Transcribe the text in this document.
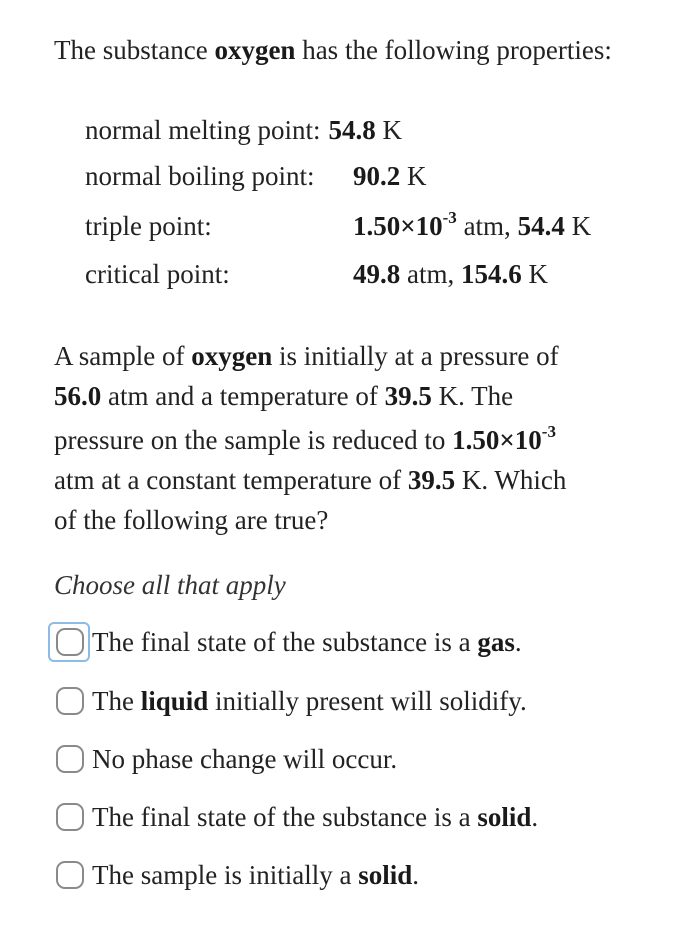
The substance oxygen has the following properties:
normal melting point: 54.8 K
normal boiling point: 90.2 K
triple point:	$1.50\times 10^{-3}$ atm, 54.4 K
critical point:	49.8 atm, 154.6 K
A sample of oxygen is initially at a pressure of
56.0 atm and a temperature of 39.5 K. The
pressure on the sample is reduced to $1.50\times 10^{-3}$
atm at a constant temperature of 39.5 K. Which
of the following are true?
Choose all that apply
The final state of the substance is a gas.
The liquid initially present will solidify.
No phase change will occur.
The final state of the substance is a solid.
The sample is initially a solid.
